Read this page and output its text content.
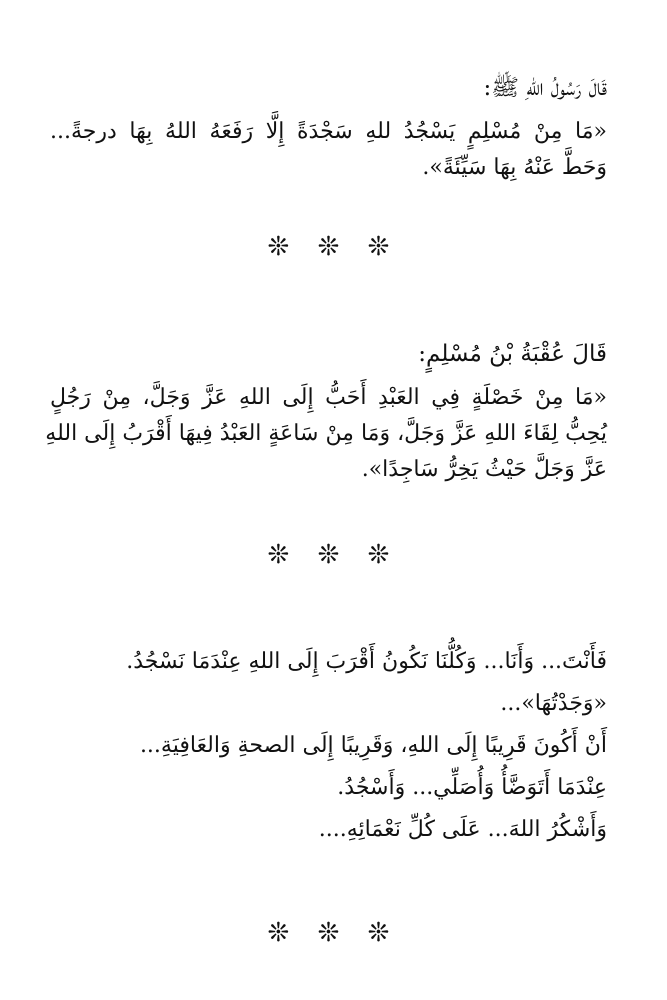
قَالَ رَسُولُ اللهِ ﷺ:

«مَا مِنْ مُسْلِمٍ يَسْجُدُ للهِ سَجْدَةً إِلَّا رَفَعَهُ اللهُ بِهَا درجةً...

وَحَطَّ عَنْهُ بِهَا سَيِّئَةً».

❊ ❊ ❊

قَالَ عُقْبَةُ بْنُ مُسْلِمٍ:

«مَا مِنْ خَصْلَةٍ فِي العَبْدِ أَحَبُّ إِلَى اللهِ عَزَّ وَجَلَّ، مِنْ رَجُلٍ

يُحِبُّ لِقَاءَ اللهِ عَزَّ وَجَلَّ، وَمَا مِنْ سَاعَةٍ العَبْدُ فِيهَا أَقْرَبُ إِلَى اللهِ

عَزَّ وَجَلَّ حَيْثُ يَخِرُّ سَاجِدًا».

❊ ❊ ❊

فَأَنْتَ... وَأَنَا... وَكُلُّنَا نَكُونُ أَقْرَبَ إِلَى اللهِ عِنْدَمَا نَسْجُدُ.

«وَجَدْتُهَا»...

أَنْ أَكُونَ قَرِيبًا إِلَى اللهِ، وَقَرِيبًا إِلَى الصحةِ وَالعَافِيَةِ...

عِنْدَمَا أَتَوَضَّأُ وَأُصَلِّي... وَأَسْجُدُ.

وَأَشْكُرُ اللهَ... عَلَى كُلِّ نَعْمَائِهِ....

❊ ❊ ❊
